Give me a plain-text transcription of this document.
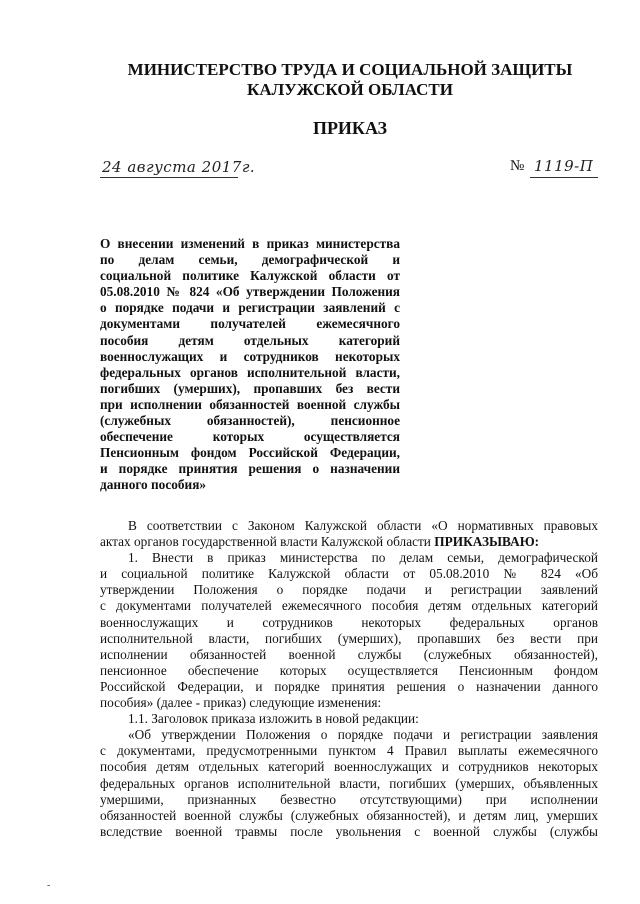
МИНИСТЕРСТВО ТРУДА И СОЦИАЛЬНОЙ ЗАЩИТЫ
КАЛУЖСКОЙ ОБЛАСТИ
ПРИКАЗ
24 августа 2017г.	№ 1119-П
О внесении изменений в приказ министерства
по делам семьи, демографической и
социальной политике Калужской области от
05.08.2010 № 824 «Об утверждении Положения
о порядке подачи и регистрации заявлений с
документами получателей ежемесячного
пособия детям отдельных категорий
военнослужащих и сотрудников некоторых
федеральных органов исполнительной власти,
погибших (умерших), пропавших без вести
при исполнении обязанностей военной службы
(служебных обязанностей), пенсионное
обеспечение которых осуществляется
Пенсионным фондом Российской Федерации,
и порядке принятия решения о назначении
данного пособия»
В соответствии с Законом Калужской области «О нормативных правовых
актах органов государственной власти Калужской области ПРИКАЗЫВАЮ:
1. Внести в приказ министерства по делам семьи, демографической
и социальной политике Калужской области от 05.08.2010 № 824 «Об
утверждении Положения о порядке подачи и регистрации заявлений
с документами получателей ежемесячного пособия детям отдельных категорий
военнослужащих и сотрудников некоторых федеральных органов
исполнительной власти, погибших (умерших), пропавших без вести при
исполнении обязанностей военной службы (служебных обязанностей),
пенсионное обеспечение которых осуществляется Пенсионным фондом
Российской Федерации, и порядке принятия решения о назначении данного
пособия» (далее - приказ) следующие изменения:
1.1. Заголовок приказа изложить в новой редакции:
«Об утверждении Положения о порядке подачи и регистрации заявления
с документами, предусмотренными пунктом 4 Правил выплаты ежемесячного
пособия детям отдельных категорий военнослужащих и сотрудников некоторых
федеральных органов исполнительной власти, погибших (умерших, объявленных
умершими, признанных безвестно отсутствующими) при исполнении
обязанностей военной службы (служебных обязанностей), и детям лиц, умерших
вследствие военной травмы после увольнения с военной службы (службы
-
